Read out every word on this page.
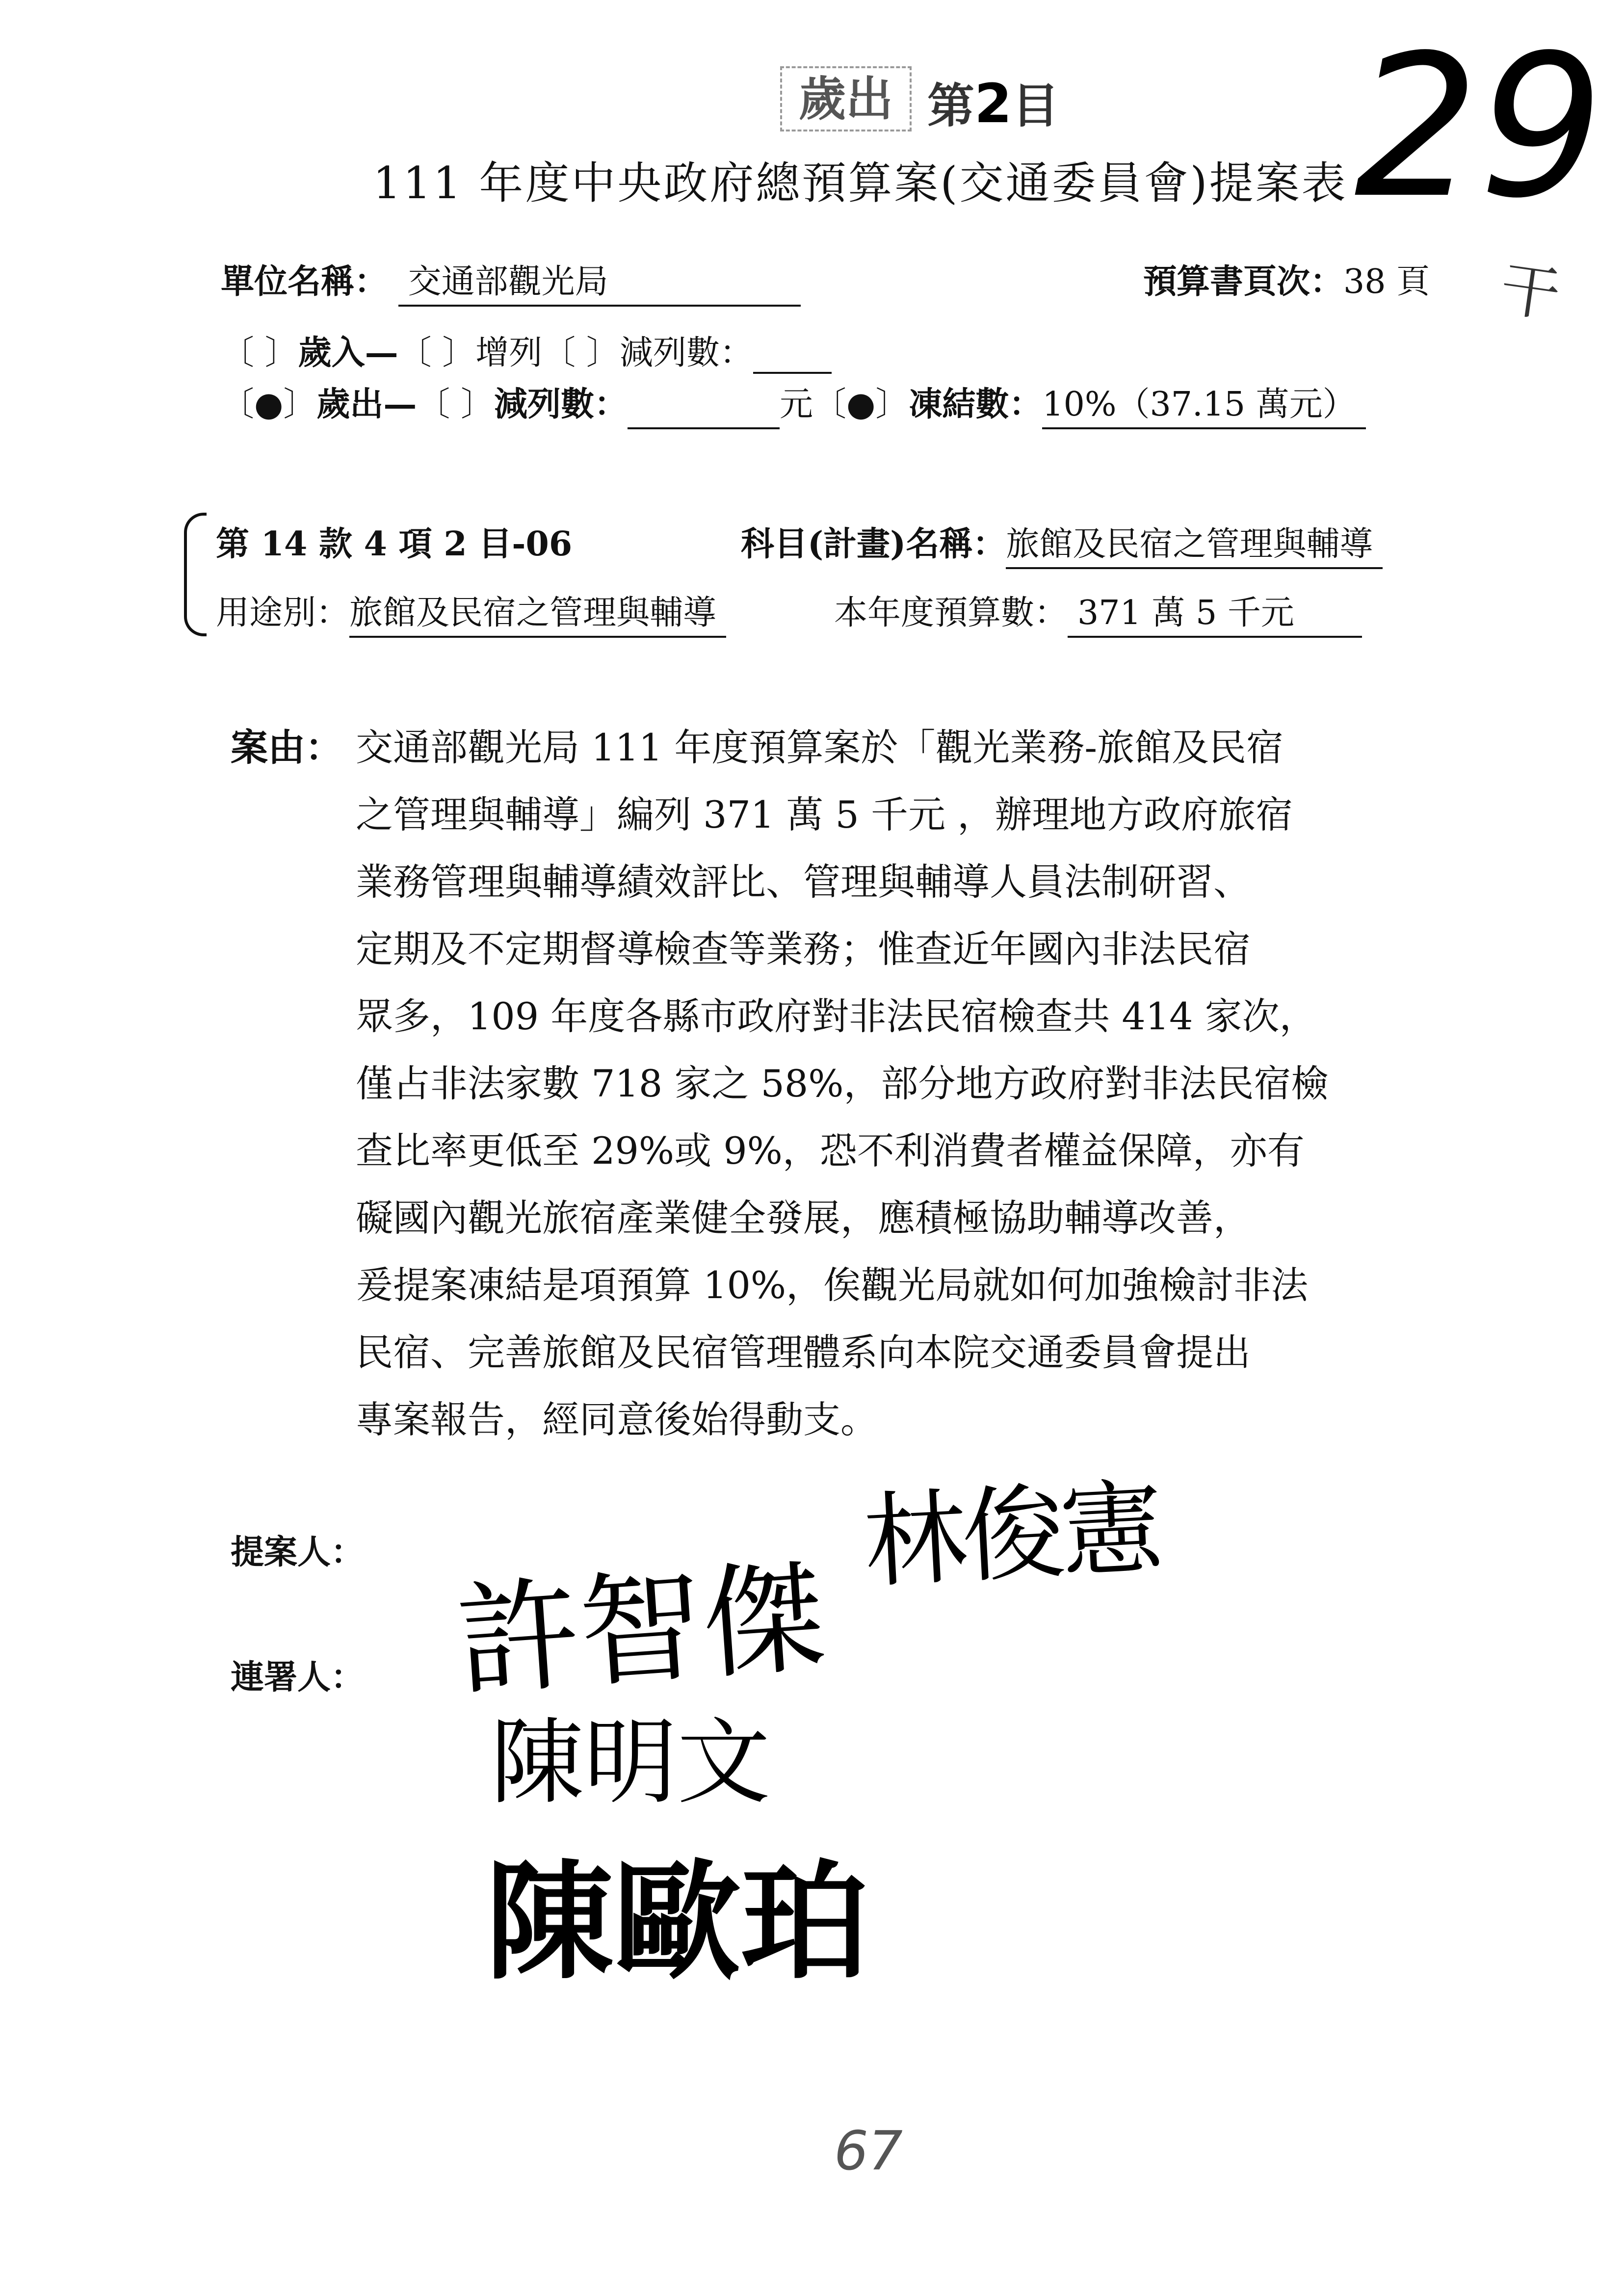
歲出 第2目 29
干
111 年度中央政府總預算案(交通委員會)提案表
單位名稱： 交通部觀光局	預算書頁次：38 頁
〔 〕歲入—〔 〕增列〔 〕減列數：
〔●〕歲出—〔 〕減列數：	元〔●〕凍結數：10%（37.15 萬元）
第 14 款 4 項 2 目-06	科目(計畫)名稱：旅館及民宿之管理與輔導
用途別：旅館及民宿之管理與輔導	本年度預算數： 371 萬 5 千元
案由： 交通部觀光局 111 年度預算案於「觀光業務-旅館及民宿
之管理與輔導」編列 371 萬 5 千元 ，辦理地方政府旅宿
業務管理與輔導績效評比、管理與輔導人員法制研習、
定期及不定期督導檢查等業務；惟查近年國內非法民宿
眾多，109 年度各縣市政府對非法民宿檢查共 414 家次，
僅占非法家數 718 家之 58%，部分地方政府對非法民宿檢
查比率更低至 29%或 9%，恐不利消費者權益保障，亦有
礙國內觀光旅宿產業健全發展，應積極協助輔導改善，
爰提案凍結是項預算 10%，俟觀光局就如何加強檢討非法
民宿、完善旅館及民宿管理體系向本院交通委員會提出
專案報告，經同意後始得動支。
提案人：
連署人： 許智傑
林俊憲
陳明文
陳歐珀
67
